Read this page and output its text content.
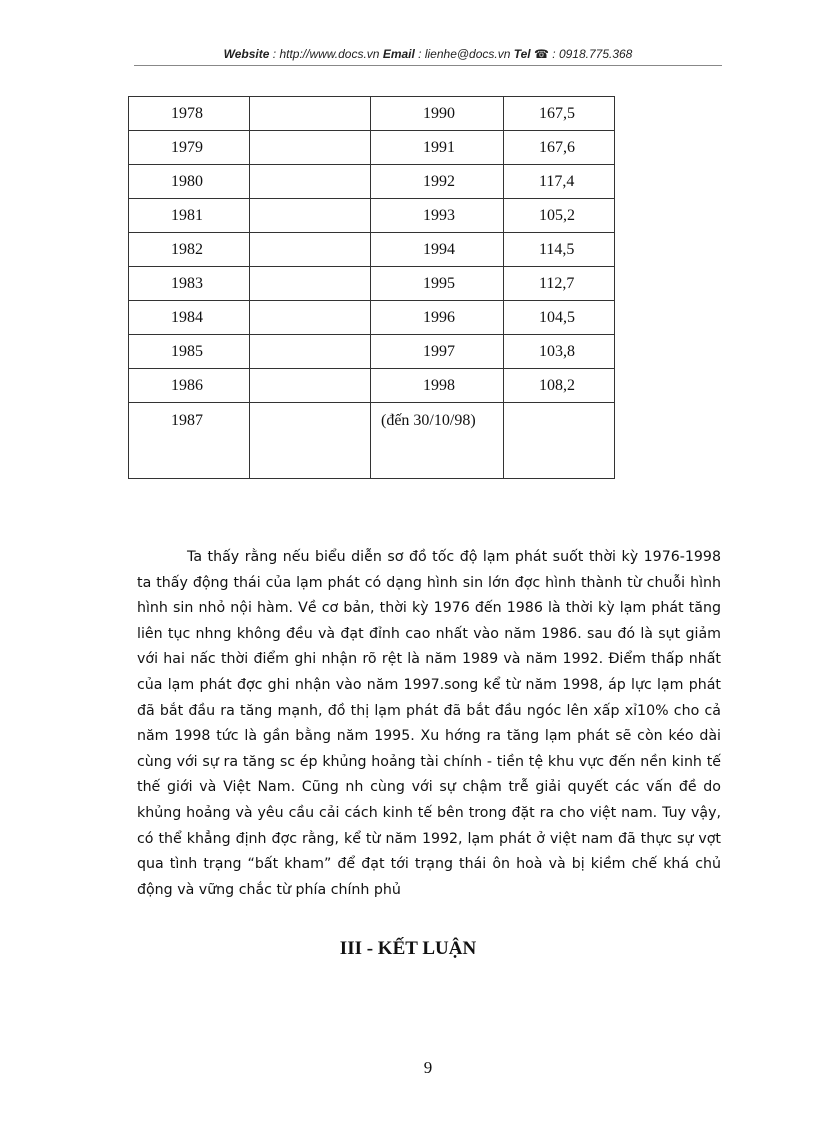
Website : http://www.docs.vn Email : lienhe@docs.vn Tel ☎ : 0918.775.368
1978		1990	167,5
1979		1991	167,6
1980		1992	117,4
1981		1993	105,2
1982		1994	114,5
1983		1995	112,7
1984		1996	104,5
1985		1997	103,8
1986		1998	108,2
1987		(đến 30/10/98)	

Ta thấy rằng nếu biểu diễn sơ đồ tốc độ lạm phát suốt thời kỳ 1976-1998 ta thấy động thái của lạm phát có dạng hình sin lớn đợc hình thành từ chuỗi hình hình sin nhỏ nội hàm. Về cơ bản, thời kỳ 1976 đến 1986 là thời kỳ lạm phát tăng liên tục nhng không đều và đạt đỉnh cao nhất vào năm 1986. sau đó là sụt giảm với hai nấc thời điểm ghi nhận rõ rệt là năm 1989 và năm 1992. Điểm thấp nhất của lạm phát đợc ghi nhận vào năm 1997.song kể từ năm 1998, áp lực lạm phát đã bắt đầu ra tăng mạnh, đồ thị lạm phát đã bắt đầu ngóc lên xấp xỉ10% cho cả năm 1998 tức là gần bằng năm 1995. Xu hớng ra tăng lạm phát sẽ còn kéo dài cùng với sự ra tăng sc ép khủng hoảng tài chính - tiền tệ khu vực đến nền kinh tế thế giới và Việt Nam. Cũng nh cùng với sự chậm trễ giải quyết các vấn đề do khủng hoảng và yêu cầu cải cách kinh tế bên trong đặt ra cho việt nam. Tuy vậy, có thể khẳng định đợc rằng, kể từ năm 1992, lạm phát ở việt nam đã thực sự vợt qua tình trạng “bất kham” để đạt tới trạng thái ôn hoà và bị kiềm chế khá chủ động và vững chắc từ phía chính phủ

III - KẾT LUẬN
9
